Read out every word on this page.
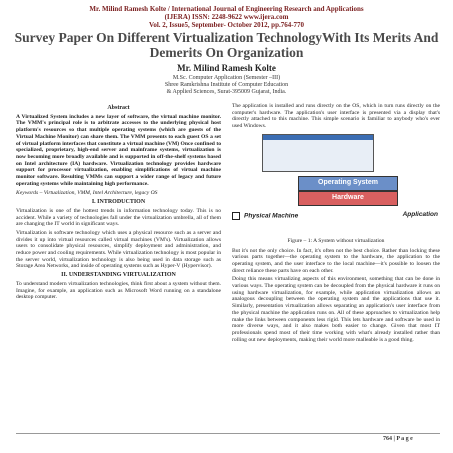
Mr. Milind Ramesh Kolte / International Journal of Engineering Research and Applications
(IJERA) ISSN: 2248-9622 www.ijera.com
Vol. 2, Issue5, September- October 2012, pp.764-770
Survey Paper On Different Virtualization TechnologyWith Its Merits And Demerits On Organization
Mr. Milind Ramesh Kolte
M.Sc. Computer Application (Semester –III)
Shree Ramkrishna Institute of Computer Education
& Applied Sciences, Surat-395009 Gujarat, India.
Abstract

A Virtualized System includes a new layer of software, the virtual machine monitor. The VMM's principal role is to arbitrate accesses to the underlying physical host platform's resources so that multiple operating systems (which are guests of the Virtual Machine Monitor) can share them. The VMM presents to each guest OS a set of virtual platform interfaces that constitute a virtual machine (VM) Once confined to specialized, proprietary, high-end server and mainframe systems, virtualization is now becoming more broadly available and is supported in off-the-shelf systems based on Intel architecture (IA) hardware. Virtualization technology provides hardware support for processor virtualization, enabling simplifications of virtual machine monitor software. Resulting VMMs can support a wider range of legacy and future operating systems while maintaining high performance.

Keywords – Virtualization, VMM, Intel Architecture, legacy OS

I. INTRODUCTION

Virtualization is one of the hottest trends in information technology today. This is no accident. While a variety of technologies fall under the virtualization umbrella, all of them are changing the IT world in significant ways.

Virtualization is software technology which uses a physical resource such as a server and divides it up into virtual resources called virtual machines (VM's). Virtualization allows users to consolidate physical resources, simplify deployment and administration, and reduce power and cooling requirements. While virtualization technology is most popular in the server world, virtualization technology is also being used in data storage such as Storage Area Networks, and inside of operating systems such as Hyper-V (Hypervisor).

II. UNDERSTANDING VIRTUALIZATION

To understand modern virtualization technologies, think first about a system without them. Imagine, for example, an application such as Microsoft Word running on a standalone desktop computer.

The application is installed and runs directly on the OS, which in turn runs directly on the computer's hardware. The application's user interface is presented via a display that's directly attached to this machine. This simple scenario is familiar to anybody who's ever used Windows.

Operating System
Hardware
Physical Machine	Application
Figure – 1: A System without virtualization

But it's not the only choice. In fact, it's often not the best choice. Rather than locking these various parts together—the operating system to the hardware, the application to the operating system, and the user interface to the local machine—it's possible to loosen the direct reliance these parts have on each other.

Doing this means virtualizing aspects of this environment, something that can be done in various ways. The operating system can be decoupled from the physical hardware it runs on using hardware virtualization, for example, while application virtualization allows an analogous decoupling between the operating system and the applications that use it. Similarly, presentation virtualization allows separating an application's user interface from the physical machine the application runs on. All of these approaches to virtualization help make the links between components less rigid. This lets hardware and software be used in more diverse ways, and it also makes both easier to change. Given that most IT professionals spend most of their time working with what's already installed rather than rolling out new deployments, making their world more malleable is a good thing.

764 | P a g e
